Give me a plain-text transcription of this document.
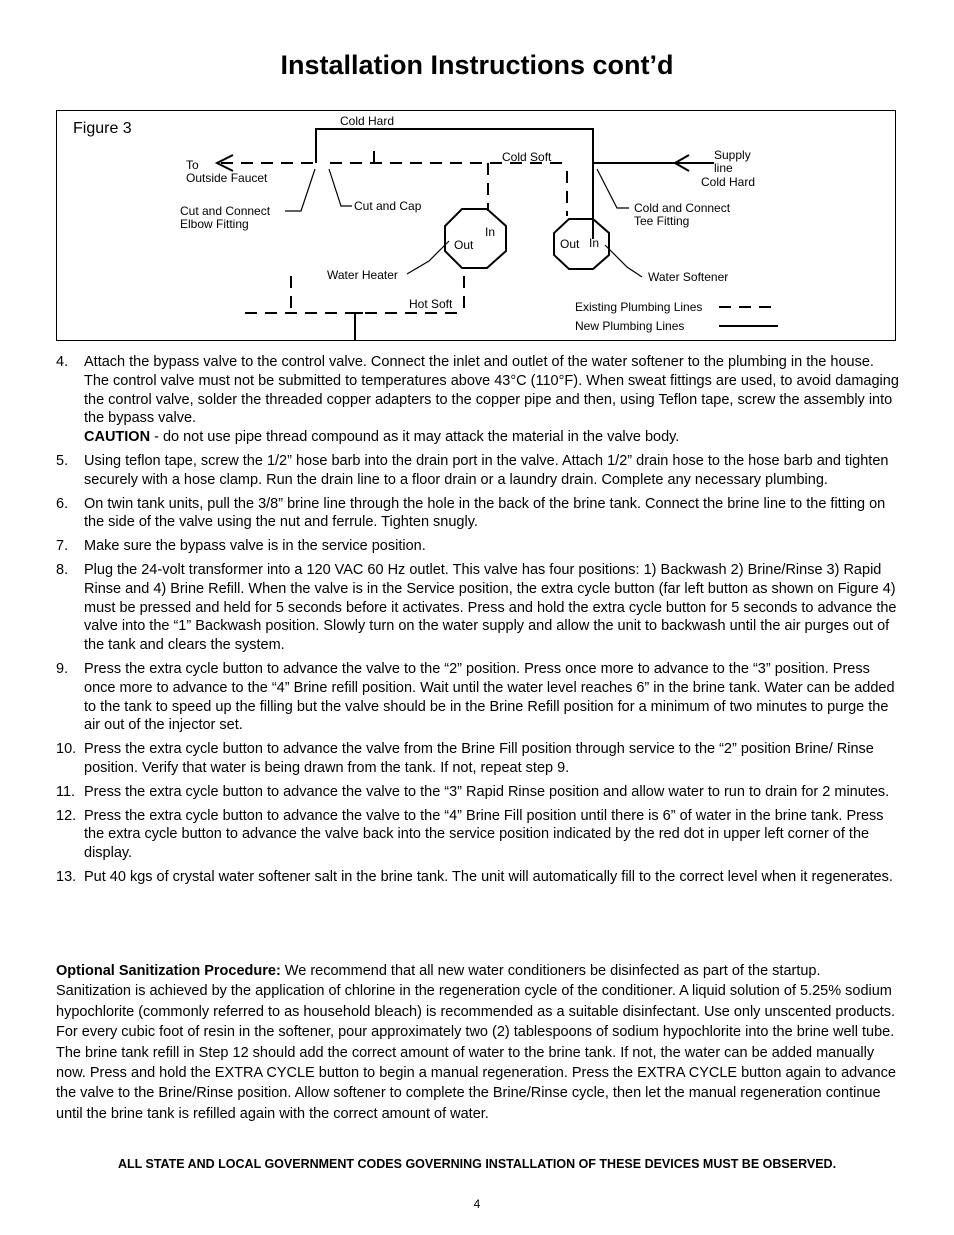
Installation Instructions cont’d
Figure 3	Cold Hard
To
Outside Faucet
Cold Soft	Supply
line
Cold Hard
Cut and Connect
Elbow Fitting
Cut and Cap	Cold and Connect
Tee Fitting
Out
In
Out In
Water Heater	Water Softener
Hot Soft	Existing Plumbing Lines
New Plumbing Lines
4. Attach the bypass valve to the control valve. Connect the inlet and outlet of the water softener to the plumbing in the house. The control valve must not be submitted to temperatures above 43°C (110°F). When sweat fittings are used, to avoid damaging the control valve, solder the threaded copper adapters to the copper pipe and then, using Teflon tape, screw the assembly into the bypass valve.
CAUTION - do not use pipe thread compound as it may attack the material in the valve body.
5. Using teflon tape, screw the 1/2” hose barb into the drain port in the valve. Attach 1/2” drain hose to the hose barb and tighten securely with a hose clamp. Run the drain line to a floor drain or a laundry drain. Complete any necessary plumbing.
6. On twin tank units, pull the 3/8” brine line through the hole in the back of the brine tank. Connect the brine line to the fitting on the side of the valve using the nut and ferrule. Tighten snugly.
7. Make sure the bypass valve is in the service position.
8. Plug the 24-volt transformer into a 120 VAC 60 Hz outlet. This valve has four positions: 1) Backwash 2) Brine/Rinse 3) Rapid Rinse and 4) Brine Refill. When the valve is in the Service position, the extra cycle button (far left button as shown on Figure 4) must be pressed and held for 5 seconds before it activates. Press and hold the extra cycle button for 5 seconds to advance the valve into the “1” Backwash position. Slowly turn on the water supply and allow the unit to backwash until the air purges out of the tank and clears the system.
9. Press the extra cycle button to advance the valve to the “2” position. Press once more to advance to the “3” position. Press once more to advance to the “4” Brine refill position. Wait until the water level reaches 6” in the brine tank. Water can be added to the tank to speed up the filling but the valve should be in the Brine Refill position for a minimum of two minutes to purge the air out of the injector set.
10. Press the extra cycle button to advance the valve from the Brine Fill position through service to the “2” position Brine/ Rinse position. Verify that water is being drawn from the tank. If not, repeat step 9.
11. Press the extra cycle button to advance the valve to the “3” Rapid Rinse position and allow water to run to drain for 2 minutes.
12. Press the extra cycle button to advance the valve to the “4” Brine Fill position until there is 6” of water in the brine tank. Press the extra cycle button to advance the valve back into the service position indicated by the red dot in upper left corner of the display.
13. Put 40 kgs of crystal water softener salt in the brine tank. The unit will automatically fill to the correct level when it regenerates.

Optional Sanitization Procedure: We recommend that all new water conditioners be disinfected as part of the startup. Sanitization is achieved by the application of chlorine in the regeneration cycle of the conditioner. A liquid solution of 5.25% sodium hypochlorite (commonly referred to as household bleach) is recommended as a suitable disinfectant. Use only unscented products. For every cubic foot of resin in the softener, pour approximately two (2) tablespoons of sodium hypochlorite into the brine well tube. The brine tank refill in Step 12 should add the correct amount of water to the brine tank. If not, the water can be added manually now. Press and hold the EXTRA CYCLE button to begin a manual regeneration. Press the EXTRA CYCLE button again to advance the valve to the Brine/Rinse position. Allow softener to complete the Brine/Rinse cycle, then let the manual regeneration continue until the brine tank is refilled again with the correct amount of water.

ALL STATE AND LOCAL GOVERNMENT CODES GOVERNING INSTALLATION OF THESE DEVICES MUST BE OBSERVED.
4
